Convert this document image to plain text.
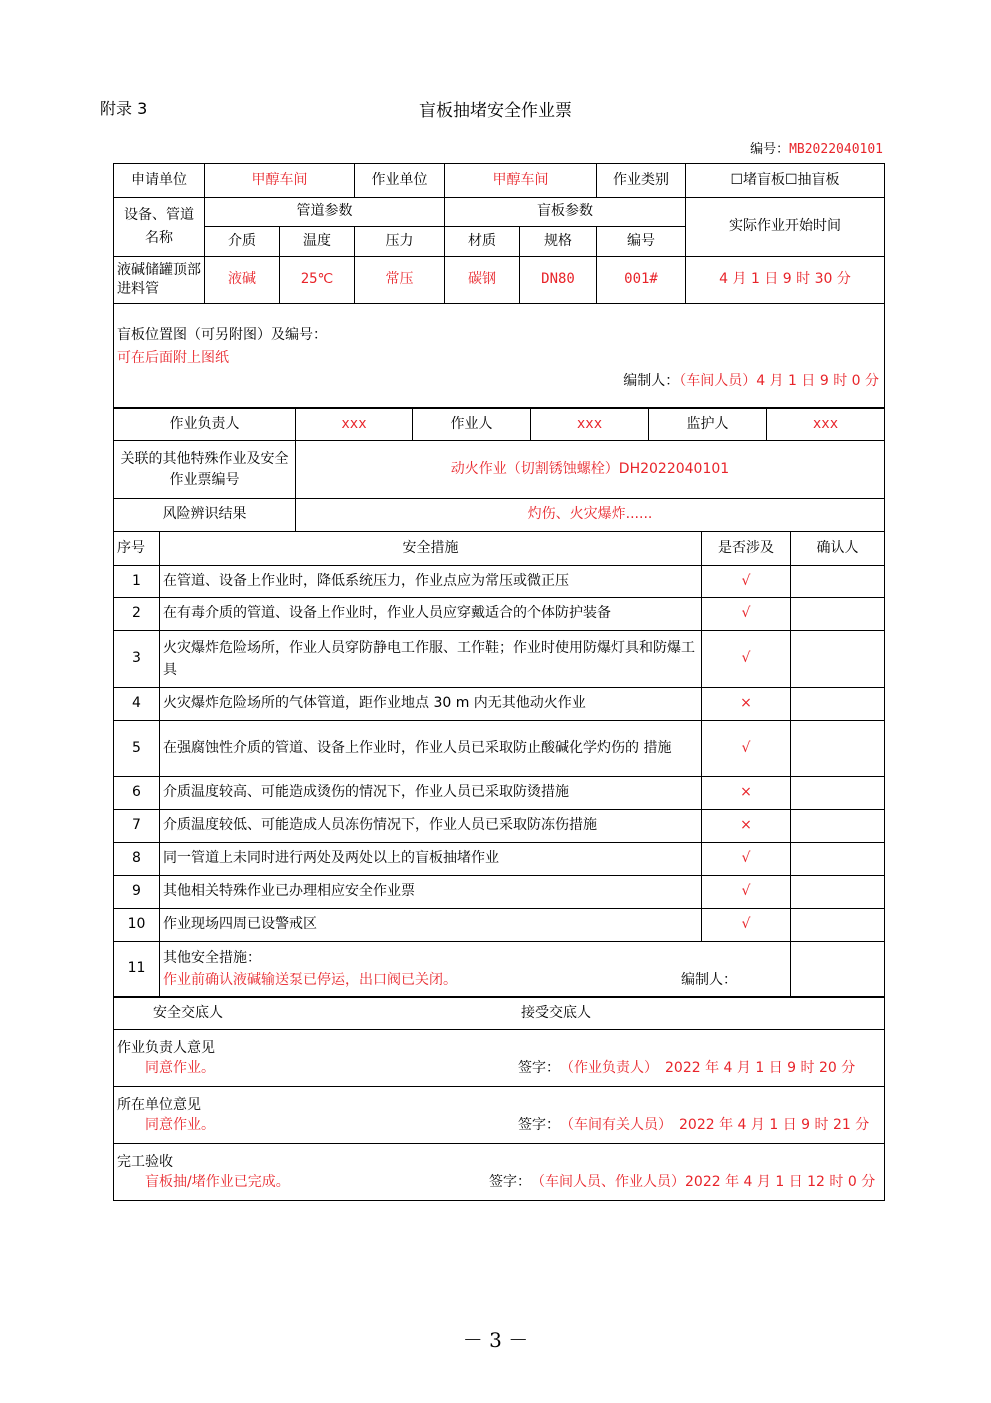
附录 3	盲板抽堵安全作业票
编号：MB2022040101
申请单位	甲醇车间		作业单位	甲醇车间		作业类别	☐堵盲板☐抽盲板

设备、管道
名称	管道参数			盲板参数			实际作业开始时间
	介质	温度	压力	材质	规格	编号	
液碱储罐顶部进料管	液碱	25℃	常压	碳钢	DN80	001#	4 月 1 日 9 时 30 分

盲板位置图（可另附图）及编号：
可在后面附上图纸
编制人：（车间人员）4 月 1 日 9 时 0 分							
作业负责人	xxx	作业人	xxx	监护人	xxx
关联的其他特殊作业及安全作业票编号	动火作业（切割锈蚀螺栓）DH2022040101				
风险辨识结果	灼伤、火灾爆炸......				
序号	安全措施	是否涉及	确认人
1	在管道、设备上作业时，降低系统压力，作业点应为常压或微正压	√	
2	在有毒介质的管道、设备上作业时，作业人员应穿戴适合的个体防护装备	√	
3	火灾爆炸危险场所，作业人员穿防静电工作服、工作鞋；作业时使用防爆灯具和防爆工具	√	
4	火灾爆炸危险场所的气体管道，距作业地点 30 m 内无其他动火作业	×	
5	在强腐蚀性介质的管道、设备上作业时，作业人员已采取防止酸碱化学灼伤的 措施	√	
6	介质温度较高、可能造成烫伤的情况下，作业人员已采取防烫措施	×	
7	介质温度较低、可能造成人员冻伤情况下，作业人员已采取防冻伤措施	×	
8	同一管道上未同时进行两处及两处以上的盲板抽堵作业	√	
9	其他相关特殊作业已办理相应安全作业票	√	
10	作业现场四周已设警戒区	√	
11	其他安全措施：
作业前确认液碱输送泵已停运，出口阀已关闭。 编制人：		

安全交底人	接受交底人

作业负责人意见
同意作业。	签字： （作业负责人）　2022 年 4 月 1 日 9 时 20 分

所在单位意见
同意作业。	签字： （车间有关人员）　2022 年 4 月 1 日 9 时 21 分

完工验收
盲板抽/堵作业已完成。	签字： （车间人员、作业人员）2022 年 4 月 1 日 12 时 0 分
－ 3 －
